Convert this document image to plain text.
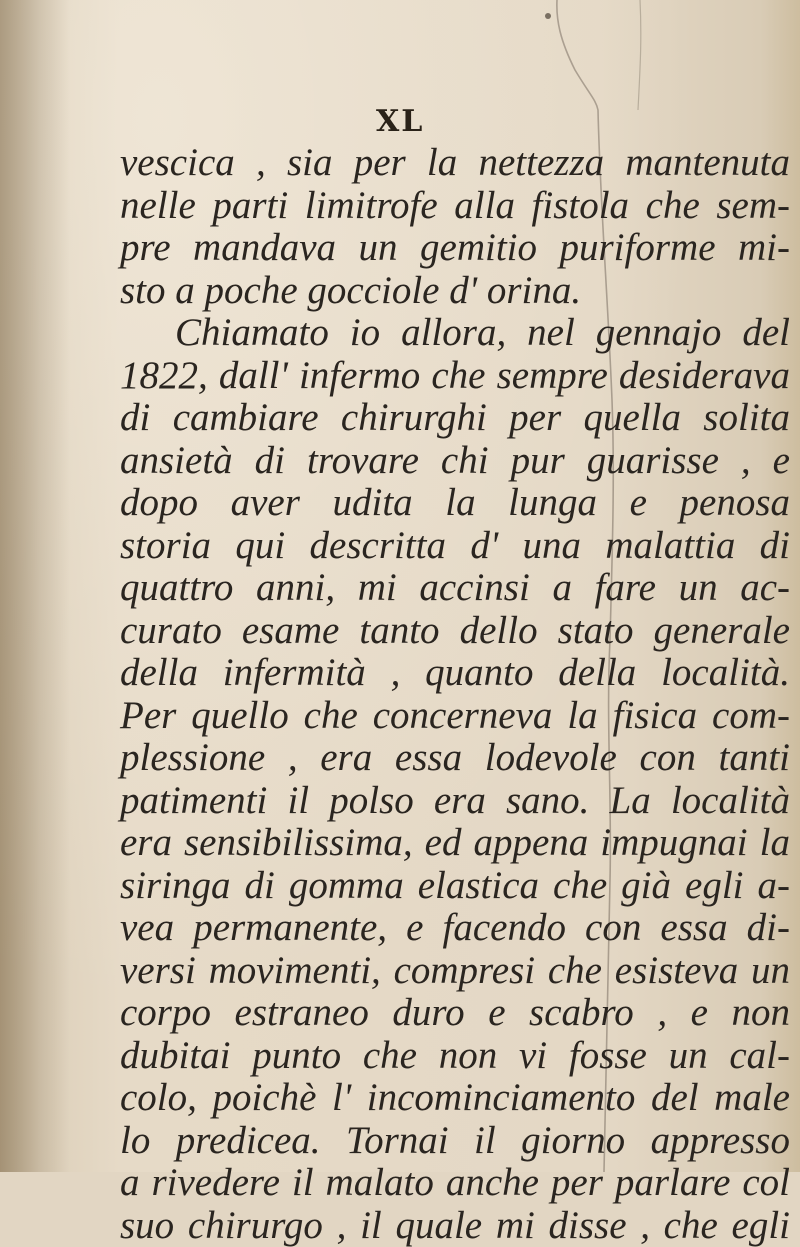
XL
vescica , sia per la nettezza mantenuta
nelle parti limitrofe alla fistola che sem-
pre mandava un gemitio puriforme mi-
sto a poche gocciole d' orina.
Chiamato io allora, nel gennajo del
1822, dall' infermo che sempre desiderava
di cambiare chirurghi per quella solita
ansietà di trovare chi pur guarisse , e
dopo aver udita la lunga e penosa
storia qui descritta d' una malattia di
quattro anni, mi accinsi a fare un ac-
curato esame tanto dello stato generale
della infermità , quanto della località.
Per quello che concerneva la fisica com-
plessione , era essa lodevole con tanti
patimenti il polso era sano. La località
era sensibilissima, ed appena impugnai la
siringa di gomma elastica che già egli a-
vea permanente, e facendo con essa di-
versi movimenti, compresi che esisteva un
corpo estraneo duro e scabro , e non
dubitai punto che non vi fosse un cal-
colo, poichè l' incominciamento del male
lo predicea. Tornai il giorno appresso
a rivedere il malato anche per parlare col
suo chirurgo , il quale mi disse , che egli
